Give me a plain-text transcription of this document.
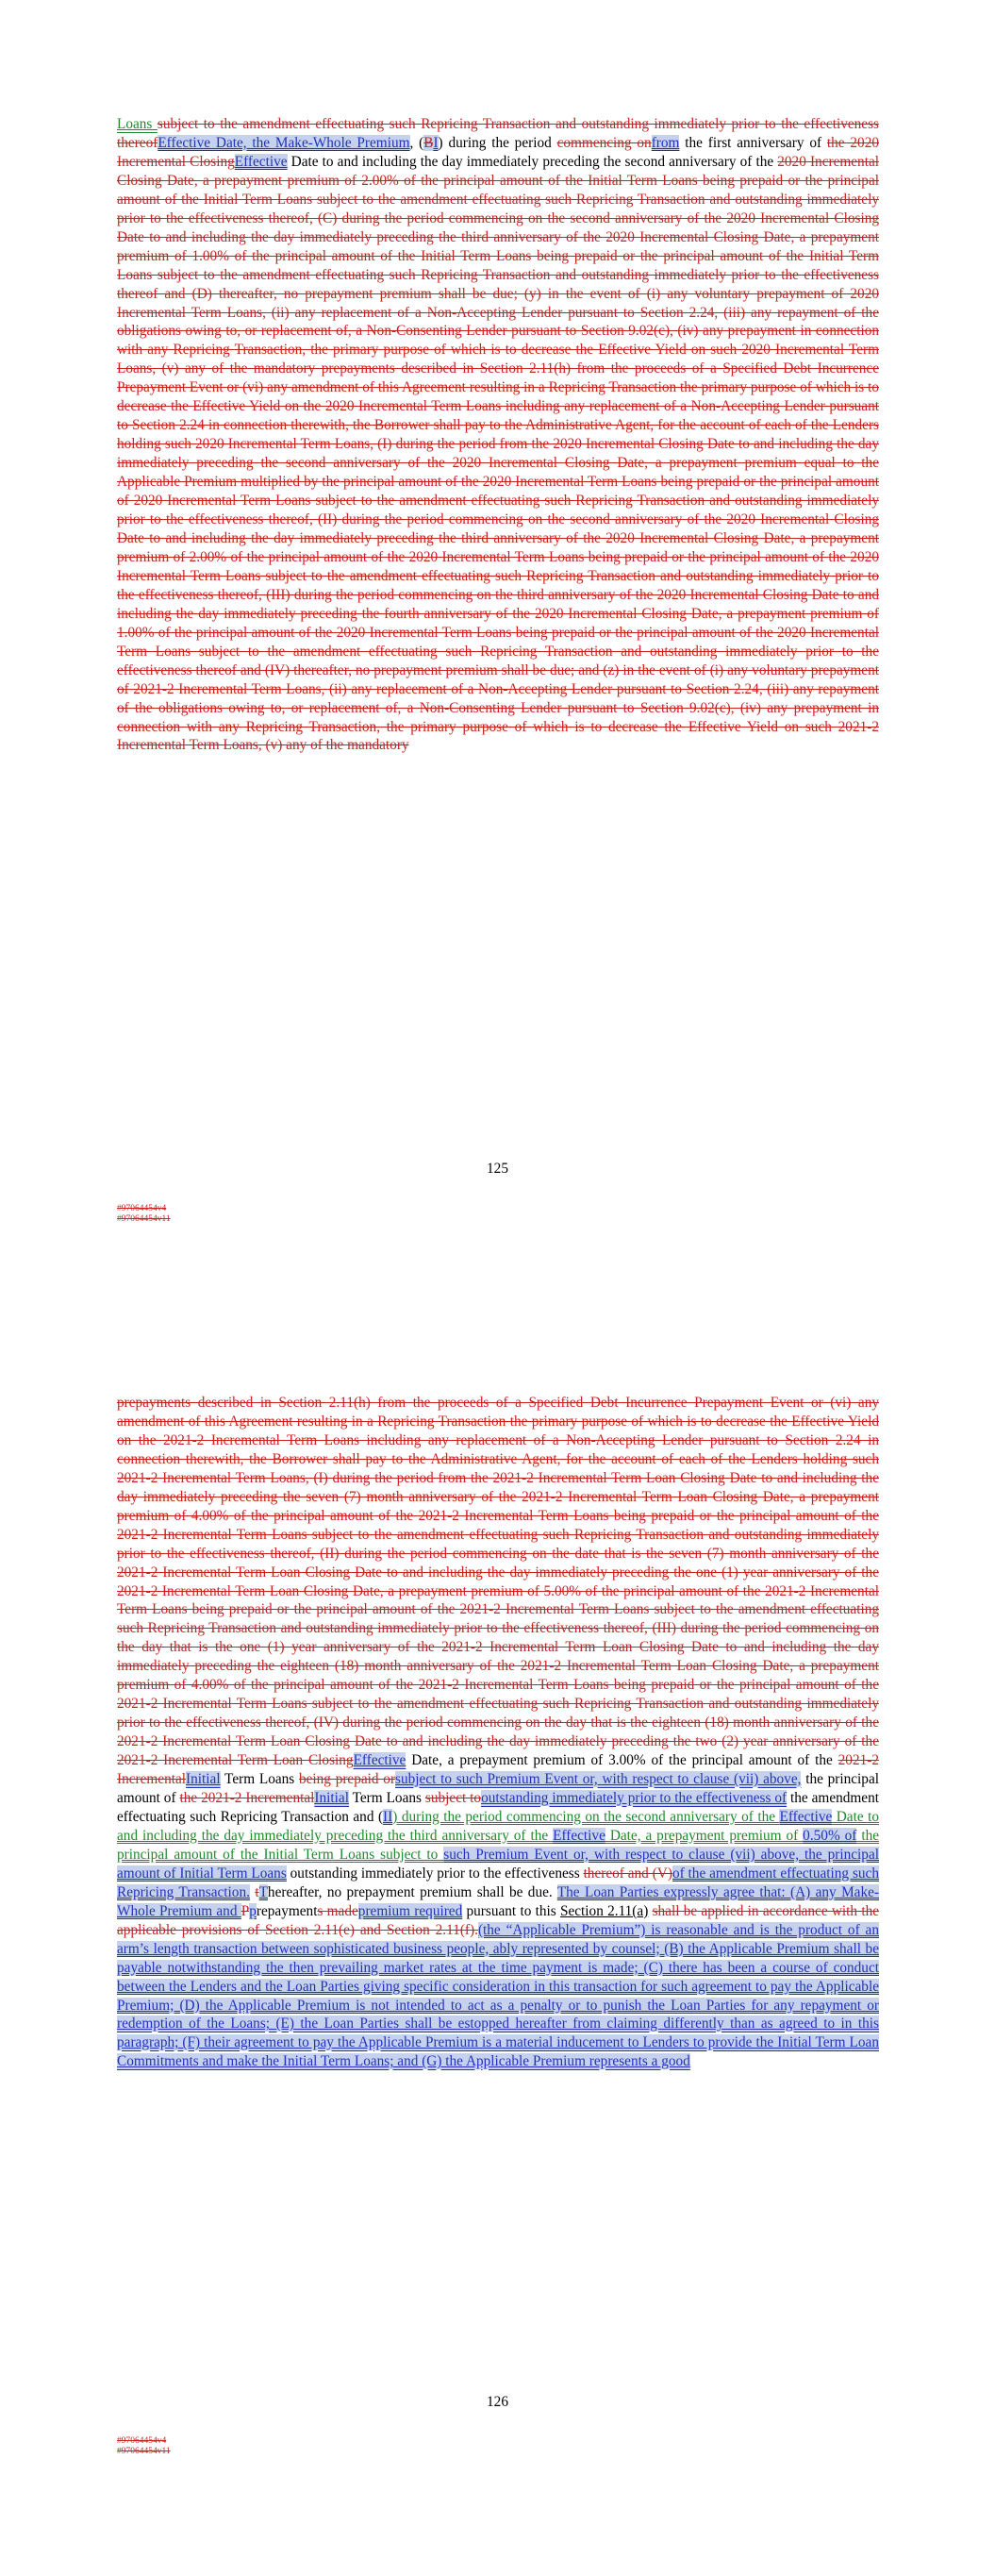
Loans subject to the amendment effectuating such Repricing Transaction and outstanding immediately prior to the effectiveness thereofEffective Date, the Make-Whole Premium, (BI) during the period commencing onfrom the first anniversary of the 2020 Incremental ClosingEffective Date to and including the day immediately preceding the second anniversary of the 2020 Incremental Closing Date, a prepayment premium of 2.00% of the principal amount of the Initial Term Loans being prepaid or the principal amount of the Initial Term Loans subject to the amendment effectuating such Repricing Transaction and outstanding immediately prior to the effectiveness thereof, (C) during the period commencing on the second anniversary of the 2020 Incremental Closing Date to and including the day immediately preceding the third anniversary of the 2020 Incremental Closing Date, a prepayment premium of 1.00% of the principal amount of the Initial Term Loans being prepaid or the principal amount of the Initial Term Loans subject to the amendment effectuating such Repricing Transaction and outstanding immediately prior to the effectiveness thereof and (D) thereafter, no prepayment premium shall be due; (y) in the event of (i) any voluntary prepayment of 2020 Incremental Term Loans, (ii) any replacement of a Non-Accepting Lender pursuant to Section 2.24, (iii) any repayment of the obligations owing to, or replacement of, a Non-Consenting Lender pursuant to Section 9.02(c), (iv) any prepayment in connection with any Repricing Transaction, the primary purpose of which is to decrease the Effective Yield on such 2020 Incremental Term Loans, (v) any of the mandatory prepayments described in Section 2.11(h) from the proceeds of a Specified Debt Incurrence Prepayment Event or (vi) any amendment of this Agreement resulting in a Repricing Transaction the primary purpose of which is to decrease the Effective Yield on the 2020 Incremental Term Loans including any replacement of a Non-Accepting Lender pursuant to Section 2.24 in connection therewith, the Borrower shall pay to the Administrative Agent, for the account of each of the Lenders holding such 2020 Incremental Term Loans, (I) during the period from the 2020 Incremental Closing Date to and including the day immediately preceding the second anniversary of the 2020 Incremental Closing Date, a prepayment premium equal to the Applicable Premium multiplied by the principal amount of the 2020 Incremental Term Loans being prepaid or the principal amount of 2020 Incremental Term Loans subject to the amendment effectuating such Repricing Transaction and outstanding immediately prior to the effectiveness thereof, (II) during the period commencing on the second anniversary of the 2020 Incremental Closing Date to and including the day immediately preceding the third anniversary of the 2020 Incremental Closing Date, a prepayment premium of 2.00% of the principal amount of the 2020 Incremental Term Loans being prepaid or the principal amount of the 2020 Incremental Term Loans subject to the amendment effectuating such Repricing Transaction and outstanding immediately prior to the effectiveness thereof, (III) during the period commencing on the third anniversary of the 2020 Incremental Closing Date to and including the day immediately preceding the fourth anniversary of the 2020 Incremental Closing Date, a prepayment premium of 1.00% of the principal amount of the 2020 Incremental Term Loans being prepaid or the principal amount of the 2020 Incremental Term Loans subject to the amendment effectuating such Repricing Transaction and outstanding immediately prior to the effectiveness thereof and (IV) thereafter, no prepayment premium shall be due; and (z) in the event of (i) any voluntary prepayment of 2021-2 Incremental Term Loans, (ii) any replacement of a Non-Accepting Lender pursuant to Section 2.24, (iii) any repayment of the obligations owing to, or replacement of, a Non-Consenting Lender pursuant to Section 9.02(c), (iv) any prepayment in connection with any Repricing Transaction, the primary purpose of which is to decrease the Effective Yield on such 2021-2 Incremental Term Loans, (v) any of the mandatory

125
#97064454v4
#97064454v11

prepayments described in Section 2.11(h) from the proceeds of a Specified Debt Incurrence Prepayment Event or (vi) any amendment of this Agreement resulting in a Repricing Transaction the primary purpose of which is to decrease the Effective Yield on the 2021-2 Incremental Term Loans including any replacement of a Non-Accepting Lender pursuant to Section 2.24 in connection therewith, the Borrower shall pay to the Administrative Agent, for the account of each of the Lenders holding such 2021-2 Incremental Term Loans, (I) during the period from the 2021-2 Incremental Term Loan Closing Date to and including the day immediately preceding the seven (7) month anniversary of the 2021-2 Incremental Term Loan Closing Date, a prepayment premium of 4.00% of the principal amount of the 2021-2 Incremental Term Loans being prepaid or the principal amount of the 2021-2 Incremental Term Loans subject to the amendment effectuating such Repricing Transaction and outstanding immediately prior to the effectiveness thereof, (II) during the period commencing on the date that is the seven (7) month anniversary of the 2021-2 Incremental Term Loan Closing Date to and including the day immediately preceding the one (1) year anniversary of the 2021-2 Incremental Term Loan Closing Date, a prepayment premium of 5.00% of the principal amount of the 2021-2 Incremental Term Loans being prepaid or the principal amount of the 2021-2 Incremental Term Loans subject to the amendment effectuating such Repricing Transaction and outstanding immediately prior to the effectiveness thereof, (III) during the period commencing on the day that is the one (1) year anniversary of the 2021-2 Incremental Term Loan Closing Date to and including the day immediately preceding the eighteen (18) month anniversary of the 2021-2 Incremental Term Loan Closing Date, a prepayment premium of 4.00% of the principal amount of the 2021-2 Incremental Term Loans being prepaid or the principal amount of the 2021-2 Incremental Term Loans subject to the amendment effectuating such Repricing Transaction and outstanding immediately prior to the effectiveness thereof, (IV) during the period commencing on the day that is the eighteen (18) month anniversary of the 2021-2 Incremental Term Loan Closing Date to and including the day immediately preceding the two (2) year anniversary of the 2021-2 Incremental Term Loan ClosingEffective Date, a prepayment premium of 3.00% of the principal amount of the 2021-2 IncrementalInitial Term Loans being prepaid orsubject to such Premium Event or, with respect to clause (vii) above, the principal amount of the 2021-2 IncrementalInitial Term Loans subject tooutstanding immediately prior to the effectiveness of the amendment effectuating such Repricing Transaction and (II) during the period commencing on the second anniversary of the Effective Date to and including the day immediately preceding the third anniversary of the Effective Date, a prepayment premium of 0.50% of the principal amount of the Initial Term Loans subject to such Premium Event or, with respect to clause (vii) above, the principal amount of Initial Term Loans outstanding immediately prior to the effectiveness thereof and (V)of the amendment effectuating such Repricing Transaction. tThereafter, no prepayment premium shall be due. The Loan Parties expressly agree that: (A) any Make-Whole Premium and Pprepayments madepremium required pursuant to this Section 2.11(a) shall be applied in accordance with the applicable provisions of Section 2.11(e) and Section 2.11(f).(the “Applicable Premium”) is reasonable and is the product of an arm’s length transaction between sophisticated business people, ably represented by counsel; (B) the Applicable Premium shall be payable notwithstanding the then prevailing market rates at the time payment is made; (C) there has been a course of conduct between the Lenders and the Loan Parties giving specific consideration in this transaction for such agreement to pay the Applicable Premium; (D) the Applicable Premium is not intended to act as a penalty or to punish the Loan Parties for any repayment or redemption of the Loans; (E) the Loan Parties shall be estopped hereafter from claiming differently than as agreed to in this paragraph; (F) their agreement to pay the Applicable Premium is a material inducement to Lenders to provide the Initial Term Loan Commitments and make the Initial Term Loans; and (G) the Applicable Premium represents a good

126
#97064454v4
#97064454v11
